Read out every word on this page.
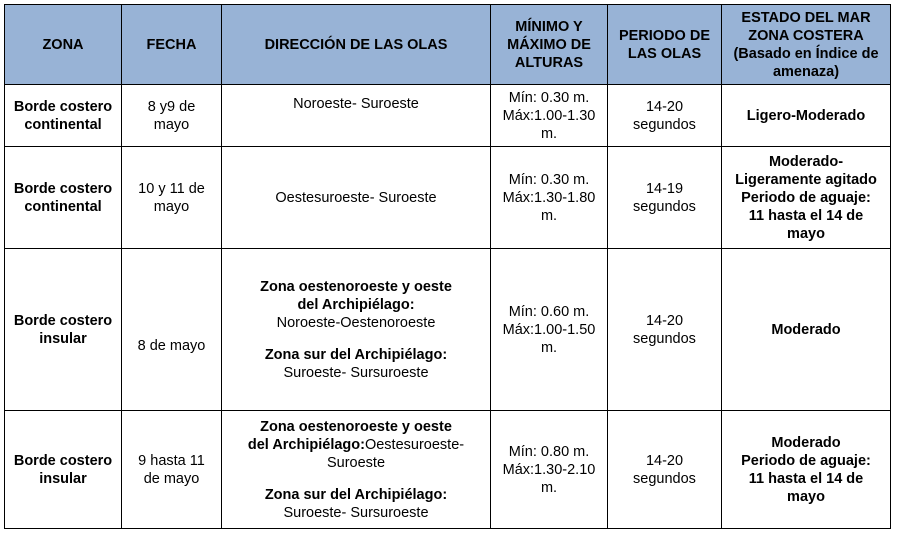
ZONA	FECHA	DIRECCIÓN DE LAS OLAS	MÍNIMO Y
MÁXIMO DE
ALTURAS	PERIODO DE
LAS OLAS	ESTADO DEL MAR
ZONA COSTERA
(Basado en Índice de
amenaza)

Borde costero
continental	8 y9 de
mayo	Noroeste- Suroeste	Mín: 0.30 m.
Máx:1.00-1.30
m.	14-20
segundos	Ligero-Moderado

Borde costero
continental	10 y 11 de
mayo	Oestesuroeste- Suroeste	Mín: 0.30 m.
Máx:1.30-1.80
m.	14-19
segundos	Moderado-
Ligeramente agitado
Periodo de aguaje:
11 hasta el 14 de
mayo

Borde costero
insular	8 de mayo	Zona oestenoroeste y oeste
del Archipiélago:
Noroeste-Oestenoroeste
Zona sur del Archipiélago:
Suroeste- Sursuroeste	Mín: 0.60 m.
Máx:1.00-1.50
m.	14-20
segundos	Moderado

Borde costero
insular	9 hasta 11
de mayo	Zona oestenoroeste y oeste
del Archipiélago:Oestesuroeste-
Suroeste
Zona sur del Archipiélago:
Suroeste- Sursuroeste	Mín: 0.80 m.
Máx:1.30-2.10
m.	14-20
segundos	Moderado
Periodo de aguaje:
11 hasta el 14 de
mayo
